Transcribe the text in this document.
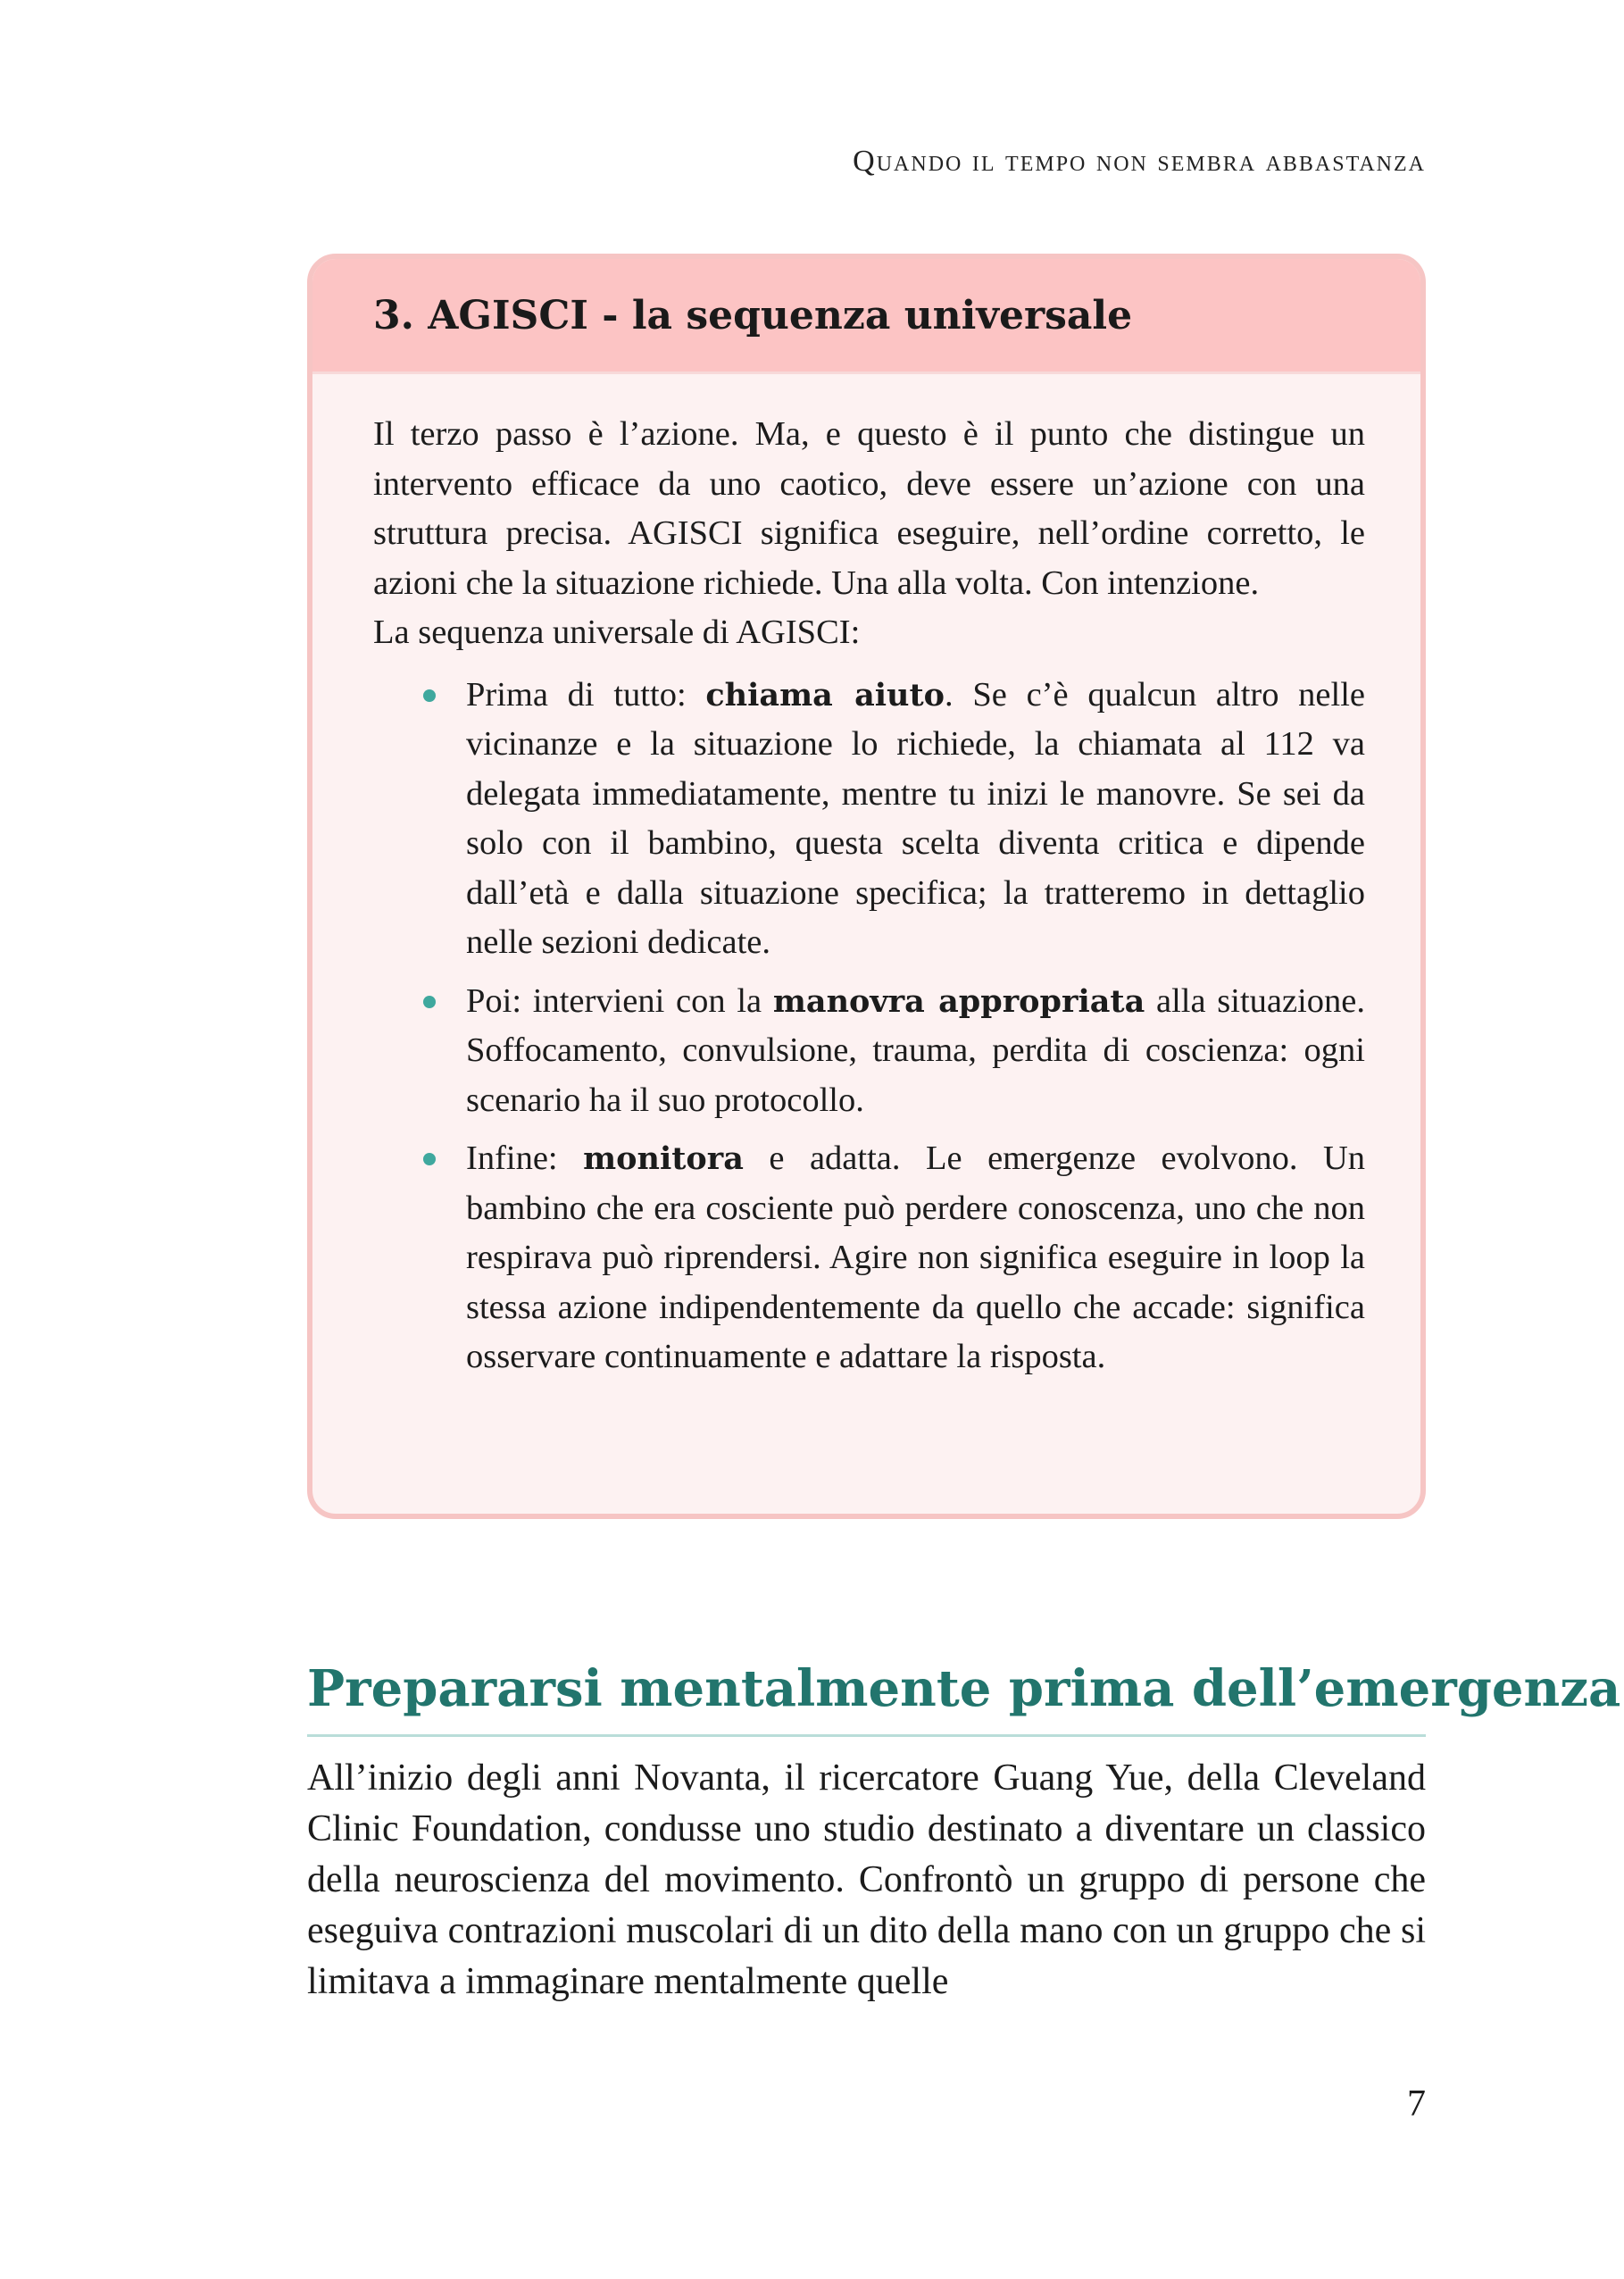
Quando il tempo non sembra abbastanza
3. AGISCI - la sequenza universale

Il terzo passo è l’azione. Ma, e questo è il punto che distingue un intervento efficace da uno caotico, deve essere un’azione con una struttura precisa. AGISCI significa eseguire, nell’ordine corretto, le azioni che la situazione richiede. Una alla volta. Con intenzione.

La sequenza universale di AGISCI:

Prima di tutto: chiama aiuto. Se c’è qualcun altro nelle vicinanze e la situazione lo richiede, la chiamata al 112 va delegata immediatamente, mentre tu inizi le manovre. Se sei da solo con il bambino, questa scelta diventa critica e dipende dall’età e dalla situazione specifica; la tratteremo in dettaglio nelle sezioni dedicate.
Poi: intervieni con la manovra appropriata alla situazione. Soffocamento, convulsione, trauma, perdita di coscienza: ogni scenario ha il suo protocollo.
Infine: monitora e adatta. Le emergenze evolvono. Un bambino che era cosciente può perdere conoscenza, uno che non respirava può riprendersi. Agire non significa eseguire in loop la stessa azione indipendentemente da quello che accade: significa osservare continuamente e adattare la risposta.
Prepararsi mentalmente prima dell’emergenza

All’inizio degli anni Novanta, il ricercatore Guang Yue, della Cleveland Clinic Foundation, condusse uno studio destinato a diventare un classico della neuroscienza del movimento. Confrontò un gruppo di persone che eseguiva contrazioni muscolari di un dito della mano con un gruppo che si limitava a immaginare mentalmente quelle

7
